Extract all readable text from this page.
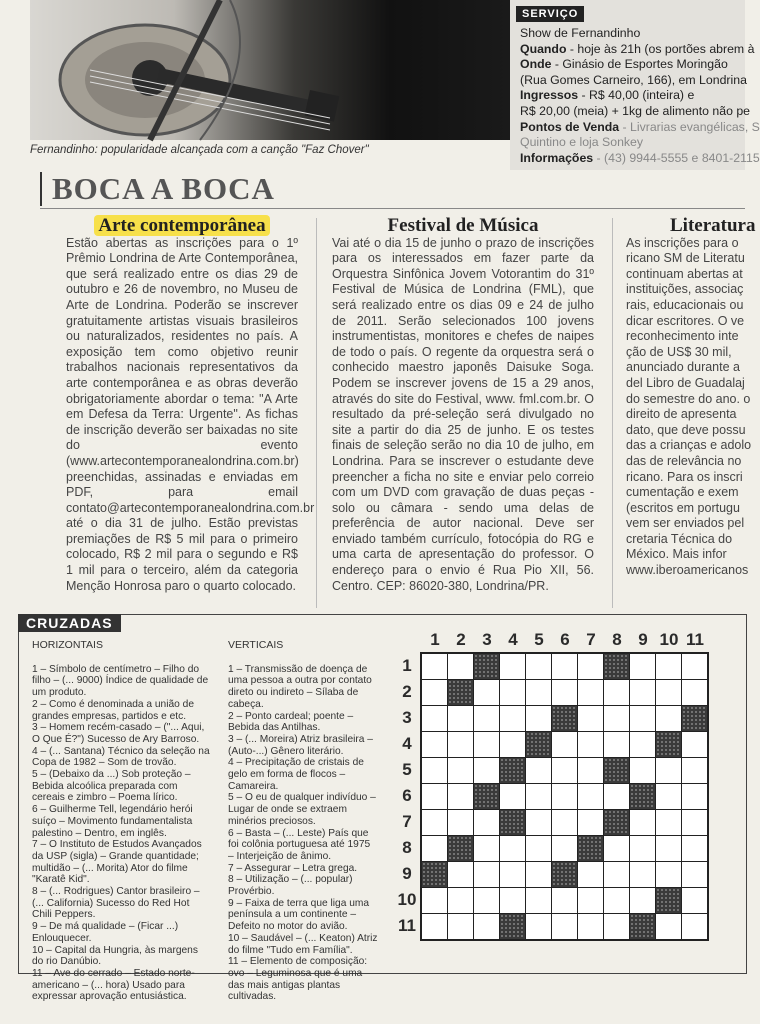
Fernandinho: popularidade alcançada com a canção "Faz Chover"
SERVIÇO
Show de Fernandinho
Quando - hoje às 21h (os portões abrem à
Onde - Ginásio de Esportes Moringão
(Rua Gomes Carneiro, 166), em Londrina
Ingressos - R$ 40,00 (inteira) e
R$ 20,00 (meia) + 1kg de alimento não pe
Pontos de Venda - Livrarias evangélicas, S
Quintino e loja Sonkey
Informações - (43) 9944-5555 e 8401-2115
BOCA A BOCA
Arte contemporânea

Estão abertas as inscrições para o 1º Prêmio Londrina de Arte Contemporânea, que será realizado entre os dias 29 de outubro e 26 de novembro, no Museu de Arte de Londrina. Poderão se inscrever gratuitamente artistas visuais brasileiros ou naturalizados, residentes no país. A exposição tem como objetivo reunir trabalhos nacionais representativos da arte contemporânea e as obras deverão obrigatoriamente abordar o tema: "A Arte em Defesa da Terra: Urgente". As fichas de inscrição deverão ser baixadas no site do evento (www.artecontemporanealondrina.com.br) preenchidas, assinadas e enviadas em PDF, para email contato@artecontemporanealondrina.com.br até o dia 31 de julho. Estão previstas premiações de R$ 5 mil para o primeiro colocado, R$ 2 mil para o segundo e R$ 1 mil para o terceiro, além da categoria Menção Honrosa paro o quarto colocado.

Festival de Música

Vai até o dia 15 de junho o prazo de inscrições para os interessados em fazer parte da Orquestra Sinfônica Jovem Votorantim do 31º Festival de Música de Londrina (FML), que será realizado entre os dias 09 e 24 de julho de 2011. Serão selecionados 100 jovens instrumentistas, monitores e chefes de naipes de todo o país. O regente da orquestra será o conhecido maestro japonês Daisuke Soga. Podem se inscrever jovens de 15 a 29 anos, através do site do Festival, www. fml.com.br. O resultado da pré-seleção será divulgado no site a partir do dia 25 de junho. E os testes finais de seleção serão no dia 10 de julho, em Londrina. Para se inscrever o estudante deve preencher a ficha no site e enviar pelo correio com um DVD com gravação de duas peças - solo ou câmara - sendo uma delas de preferência de autor nacional. Deve ser enviado também currículo, fotocópia do RG e uma carta de apresentação do professor. O endereço para o envio é Rua Pio XII, 56. Centro. CEP: 86020-380, Londrina/PR.

Literatura

As inscrições para o ricano SM de Literatu continuam abertas at instituições, associaç rais, educacionais ou dicar escritores. O ve reconhecimento inte ção de US$ 30 mil, anunciado durante a del Libro de Guadalaj do semestre do ano. o direito de apresenta dato, que deve possu das a crianças e adolo das de relevância no ricano. Para os inscri cumentação e exem (escritos em portugu vem ser enviados pel cretaria Técnica do México. Mais infor www.iberoamericanos

CRUZADAS
HORIZONTAIS
1 – Símbolo de centímetro – Filho do filho – (... 9000) Índice de qualidade de um produto.
2 – Como é denominada a união de grandes empresas, partidos e etc.
3 – Homem recém-casado – ("... Aqui, O Que É?") Sucesso de Ary Barroso.
4 – (... Santana) Técnico da seleção na Copa de 1982 – Som de trovão.
5 – (Debaixo da ...) Sob proteção – Bebida alcoólica preparada com cereais e zimbro – Poema lírico.
6 – Guilherme Tell, legendário herói suíço – Movimento fundamentalista palestino – Dentro, em inglês.
7 – O Instituto de Estudos Avançados da USP (sigla) – Grande quantidade; multidão – (... Morita) Ator do filme "Karatê Kid".
8 – (... Rodrigues) Cantor brasileiro – (... California) Sucesso do Red Hot Chili Peppers.
9 – De má qualidade – (Ficar ...) Enlouquecer.
10 – Capital da Hungria, às margens do rio Danúbio.
11 – Ave do cerrado – Estado norte-americano – (... hora) Usado para expressar aprovação entusiástica.
VERTICAIS
1 – Transmissão de doença de uma pessoa a outra por contato direto ou indireto – Sílaba de cabeça.
2 – Ponto cardeal; poente – Bebida das Antilhas.
3 – (... Moreira) Atriz brasileira – (Auto-...) Gênero literário.
4 – Precipitação de cristais de gelo em forma de flocos – Camareira.
5 – O eu de qualquer indivíduo – Lugar de onde se extraem minérios preciosos.
6 – Basta – (... Leste) País que foi colônia portuguesa até 1975 – Interjeição de ânimo.
7 – Assegurar – Letra grega.
8 – Utilização – (... popular) Provérbio.
9 – Faixa de terra que liga uma península a um continente – Defeito no motor do avião.
10 – Saudável – (... Keaton) Atriz do filme "Tudo em Família".
11 – Elemento de composição: ovo – Leguminosa que é uma das mais antigas plantas cultivadas.
1 2 3 4 5 6 7 8 9 10 11
1
2
3
4
5
6
7
8
9
10
11
